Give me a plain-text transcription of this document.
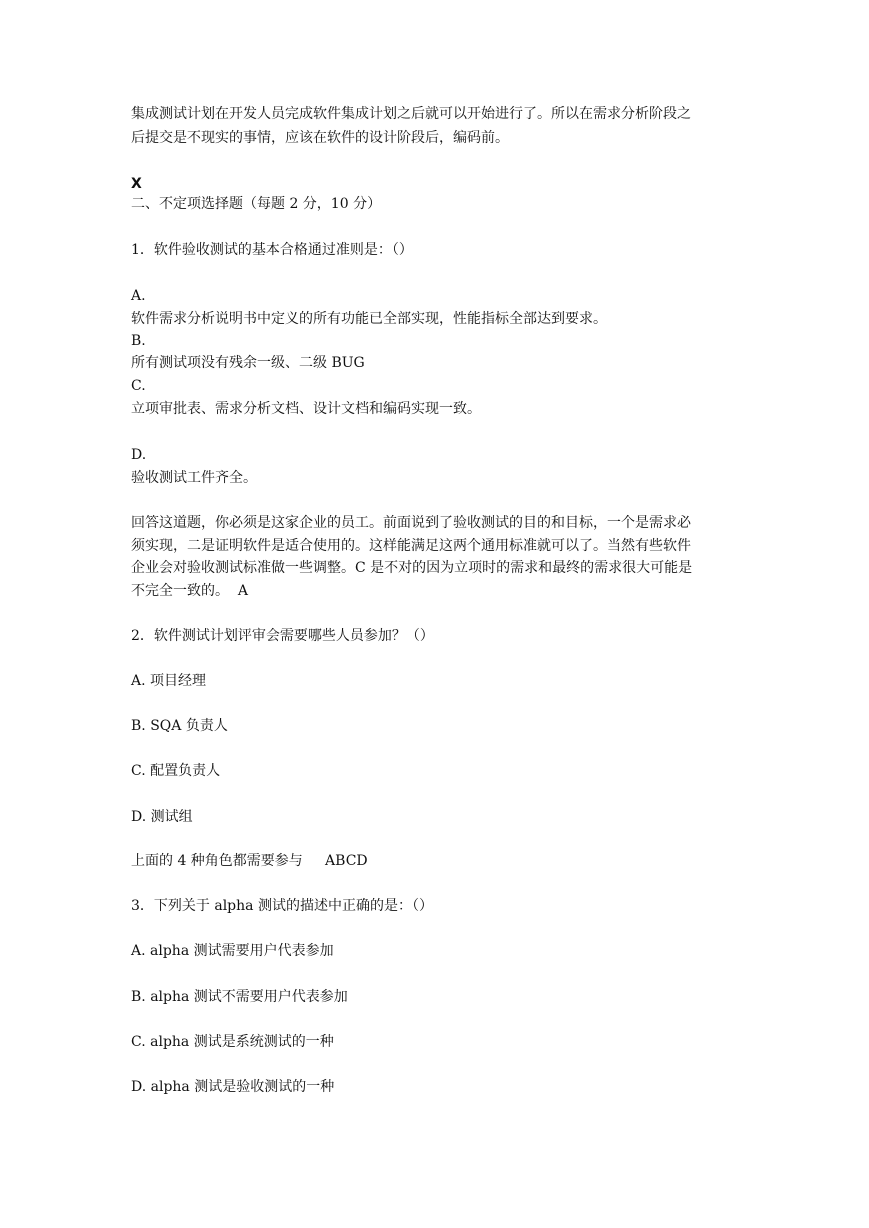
集成测试计划在开发人员完成软件集成计划之后就可以开始进行了。所以在需求分析阶段之
后提交是不现实的事情，应该在软件的设计阶段后，编码前。
X
二、不定项选择题（每题 2 分，10 分）
1．软件验收测试的基本合格通过准则是：（）
A.
软件需求分析说明书中定义的所有功能已全部实现，性能指标全部达到要求。
B.
所有测试项没有残余一级、二级 BUG
C.
立项审批表、需求分析文档、设计文档和编码实现一致。
D.
验收测试工件齐全。
回答这道题，你必须是这家企业的员工。前面说到了验收测试的目的和目标，一个是需求必
须实现，二是证明软件是适合使用的。这样能满足这两个通用标准就可以了。当然有些软件
企业会对验收测试标准做一些调整。C 是不对的因为立项时的需求和最终的需求很大可能是
不完全一致的。  A
2．软件测试计划评审会需要哪些人员参加？（）
A. 项目经理
B. SQA 负责人
C. 配置负责人
D. 测试组
上面的 4 种角色都需要参与     ABCD
3．下列关于 alpha 测试的描述中正确的是：（）
A. alpha 测试需要用户代表参加
B. alpha 测试不需要用户代表参加
C. alpha 测试是系统测试的一种
D. alpha 测试是验收测试的一种
